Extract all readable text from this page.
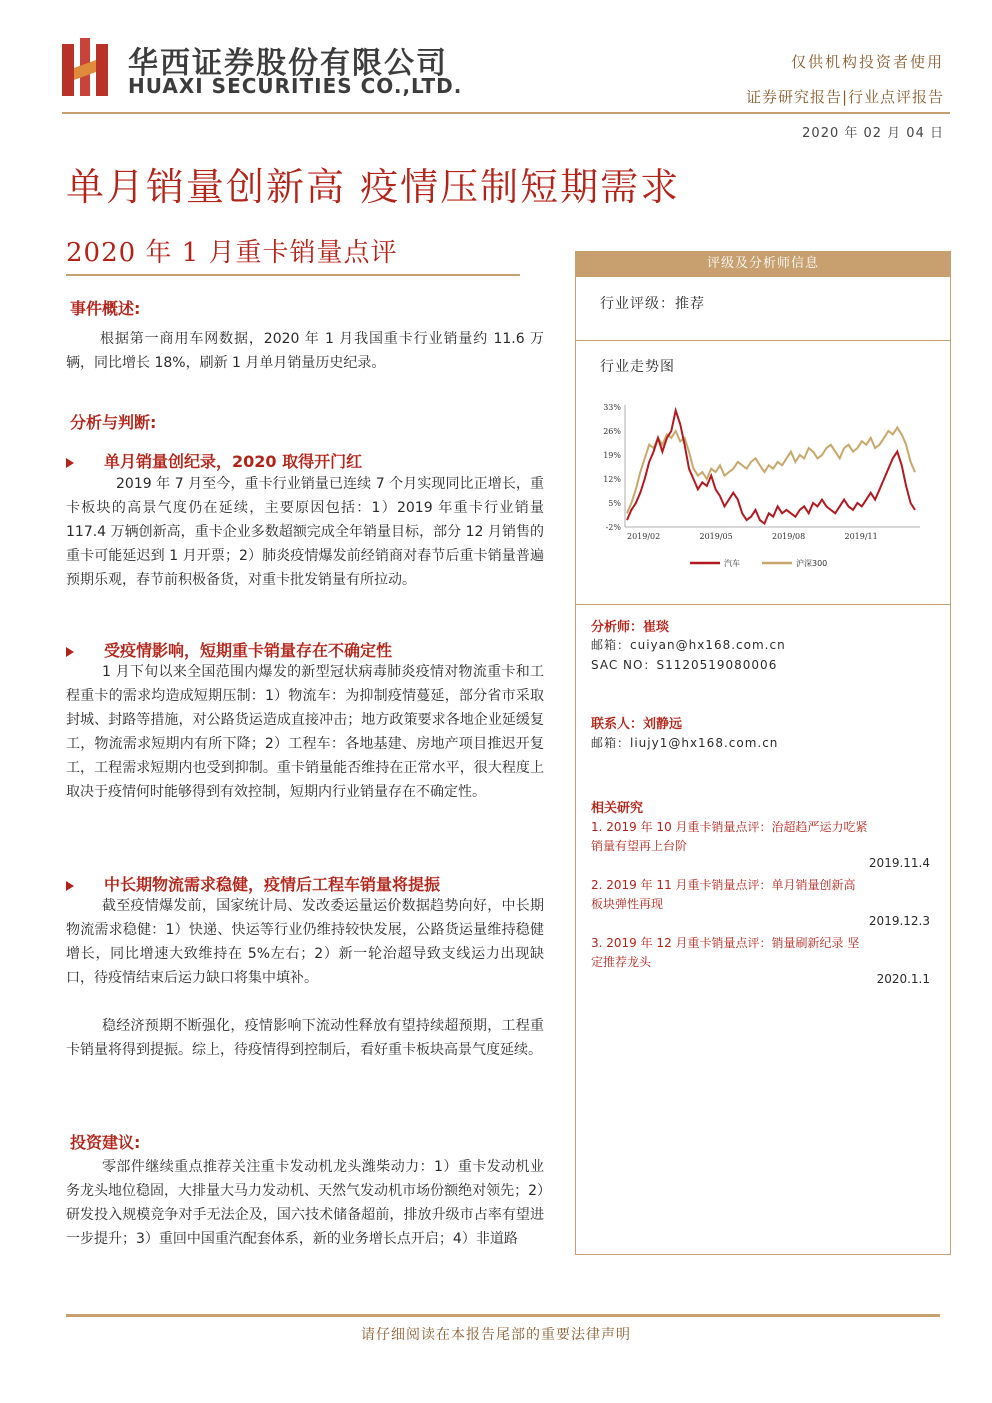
华西证券股份有限公司
HUAXI SECURITIES CO.,LTD.
仅供机构投资者使用
证券研究报告|行业点评报告
2020 年 02 月 04 日
单月销量创新高 疫情压制短期需求
2020 年 1 月重卡销量点评
事件概述:
根据第一商用车网数据，2020 年 1 月我国重卡行业销量约 11.6 万辆，同比增长 18%，刷新 1 月单月销量历史纪录。
分析与判断:
单月销量创纪录，2020 取得开门红
2019 年 7 月至今，重卡行业销量已连续 7 个月实现同比正增长，重卡板块的高景气度仍在延续，主要原因包括：1）2019 年重卡行业销量 117.4 万辆创新高，重卡企业多数超额完成全年销量目标，部分 12 月销售的重卡可能延迟到 1 月开票；2）肺炎疫情爆发前经销商对春节后重卡销量普遍预期乐观，春节前积极备货，对重卡批发销量有所拉动。
受疫情影响，短期重卡销量存在不确定性
1 月下旬以来全国范围内爆发的新型冠状病毒肺炎疫情对物流重卡和工程重卡的需求均造成短期压制：1）物流车：为抑制疫情蔓延，部分省市采取封城、封路等措施，对公路货运造成直接冲击；地方政策要求各地企业延缓复工，物流需求短期内有所下降；2）工程车：各地基建、房地产项目推迟开复工，工程需求短期内也受到抑制。重卡销量能否维持在正常水平，很大程度上取决于疫情何时能够得到有效控制，短期内行业销量存在不确定性。
中长期物流需求稳健，疫情后工程车销量将提振
截至疫情爆发前，国家统计局、发改委运量运价数据趋势向好，中长期物流需求稳健：1）快递、快运等行业仍维持较快发展，公路货运量维持稳健增长，同比增速大致维持在 5%左右；2）新一轮治超导致支线运力出现缺口，待疫情结束后运力缺口将集中填补。
稳经济预期不断强化，疫情影响下流动性释放有望持续超预期，工程重卡销量将得到提振。综上，待疫情得到控制后，看好重卡板块高景气度延续。
投资建议:
零部件继续重点推荐关注重卡发动机龙头潍柴动力：1）重卡发动机业务龙头地位稳固，大排量大马力发动机、天然气发动机市场份额绝对领先；2）研发投入规模竞争对手无法企及，国六技术储备超前，排放升级市占率有望进一步提升；3）重回中国重汽配套体系，新的业务增长点开启；4）非道路
评级及分析师信息
行业评级：推荐
行业走势图
33%
26%
19%
12%
5%
-2%
2019/02	2019/05	2019/08	2019/11
汽车	沪深300
分析师：崔琰
邮箱：cuiyan@hx168.com.cn
SAC NO：S1120519080006
联系人：刘静远
邮箱：liujy1@hx168.com.cn
相关研究
1. 2019 年 10 月重卡销量点评：治超趋严运力吃紧
销量有望再上台阶
2019.11.4
2. 2019 年 11 月重卡销量点评：单月销量创新高
板块弹性再现
2019.12.3
3. 2019 年 12 月重卡销量点评：销量刷新纪录 坚
定推荐龙头
2020.1.1
请仔细阅读在本报告尾部的重要法律声明
